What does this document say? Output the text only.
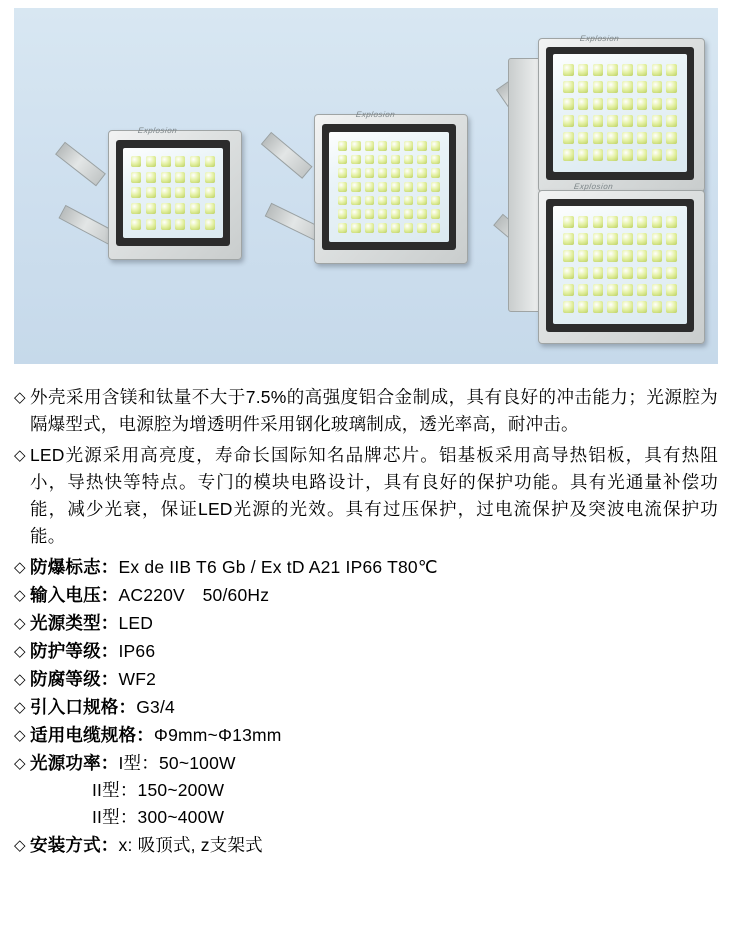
Explosion
Explosion
Explosion
Explosion
◇ 外壳采用含镁和钛量不大于7.5%的高强度铝合金制成，具有良好的冲击能力；光源腔为隔爆型式，电源腔为增透明件采用钢化玻璃制成，透光率高，耐冲击。
◇ LED光源采用高亮度，寿命长国际知名品牌芯片。铝基板采用高导热铝板，具有热阻小，导热快等特点。专门的模块电路设计，具有良好的保护功能。具有光通量补偿功能，减少光衰，保证LED光源的光效。具有过压保护，过电流保护及突波电流保护功能。
◇ 防爆标志：Ex de IIB T6 Gb / Ex tD A21 IP66 T80℃
◇ 输入电压：AC220V　50/60Hz
◇ 光源类型：LED
◇ 防护等级：IP66
◇ 防腐等级：WF2
◇ 引入口规格：G3/4
◇ 适用电缆规格：Φ9mm~Φ13mm
◇ 光源功率：I型：50~100W
II型：150~200W
II型：300~400W
◇ 安装方式：x: 吸顶式, z支架式
